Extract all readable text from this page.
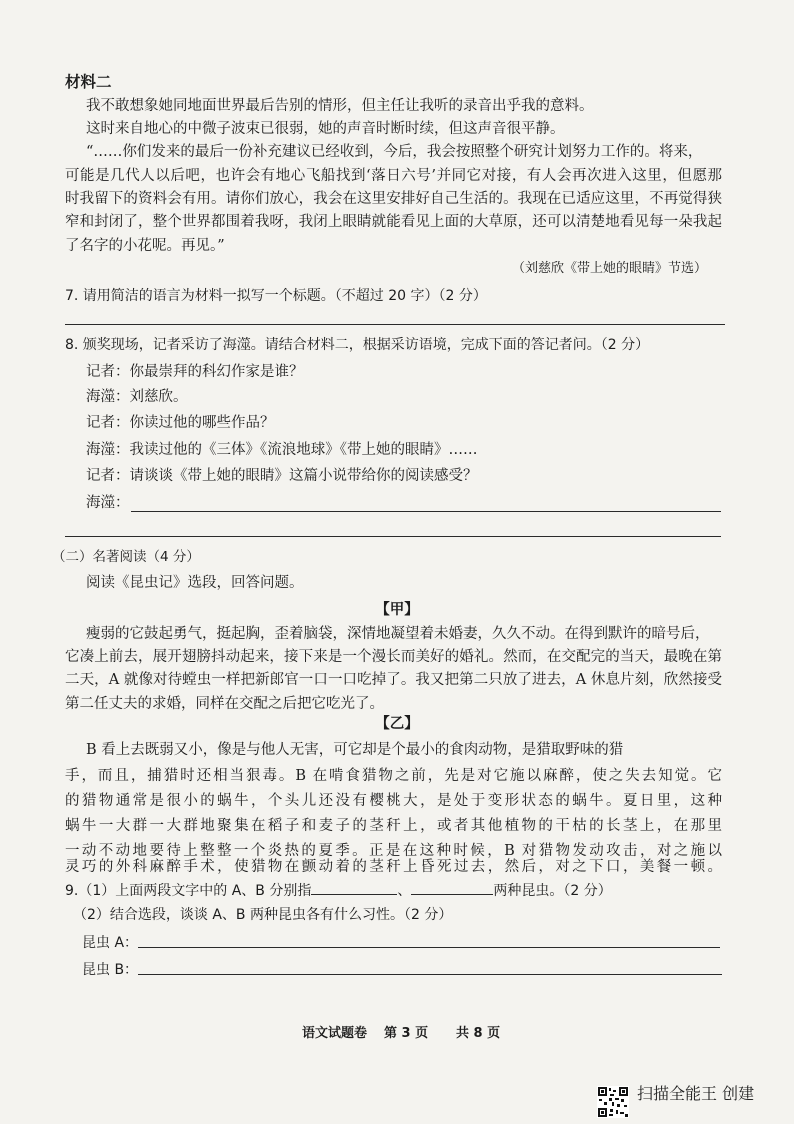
材料二
我不敢想象她同地面世界最后告别的情形，但主任让我听的录音出乎我的意料。
这时来自地心的中微子波束已很弱，她的声音时断时续，但这声音很平静。
“……你们发来的最后一份补充建议已经收到，今后，我会按照整个研究计划努力工作的。将来，
可能是几代人以后吧，也许会有地心飞船找到‘落日六号’并同它对接，有人会再次进入这里，但愿那
时我留下的资料会有用。请你们放心，我会在这里安排好自己生活的。我现在已适应这里，不再觉得狭
窄和封闭了，整个世界都围着我呀，我闭上眼睛就能看见上面的大草原，还可以清楚地看见每一朵我起
了名字的小花呢。再见。”
（刘慈欣《带上她的眼睛》节选）
7. 请用简洁的语言为材料一拟写一个标题。（不超过 20 字）（2 分）
8. 颁奖现场，记者采访了海澨。请结合材料二，根据采访语境，完成下面的答记者问。（2 分）
记者：你最崇拜的科幻作家是谁？
海澨：刘慈欣。
记者：你读过他的哪些作品？
海澨：我读过他的《三体》《流浪地球》《带上她的眼睛》……
记者：请谈谈《带上她的眼睛》这篇小说带给你的阅读感受？
海澨：
（二）名著阅读（4 分）
阅读《昆虫记》选段，回答问题。
【甲】
瘦弱的它鼓起勇气，挺起胸，歪着脑袋，深情地凝望着未婚妻，久久不动。在得到默许的暗号后，
它凑上前去，展开翅膀抖动起来，接下来是一个漫长而美好的婚礼。然而，在交配完的当天，最晚在第
二天，A 就像对待螳虫一样把新郎官一口一口吃掉了。我又把第二只放了进去，A 休息片刻，欣然接受
第二任丈夫的求婚，同样在交配之后把它吃光了。
【乙】
B 看上去既弱又小，像是与他人无害，可它却是个最小的食肉动物，是猎取野味的猎
手，而且，捕猎时还相当狠毒。B 在啃食猎物之前，先是对它施以麻醉，使之失去知觉。它
的猎物通常是很小的蜗牛，个头儿还没有樱桃大，是处于变形状态的蜗牛。夏日里，这种
蜗牛一大群一大群地聚集在稻子和麦子的茎秆上，或者其他植物的干枯的长茎上，在那里
一动不动地要待上整整一个炎热的夏季。正是在这种时候，B 对猎物发动攻击，对之施以
灵巧的外科麻醉手术，使猎物在颤动着的茎秆上昏死过去，然后，对之下口，美餐一顿。
9.（1）上面两段文字中的 A、B 分别指	、	两种昆虫。（2 分）
（2）结合选段，谈谈 A、B 两种昆虫各有什么习性。（2 分）
昆虫 A：
昆虫 B：
语文试题卷 第 3 页 共 8 页
扫描全能王 创建
